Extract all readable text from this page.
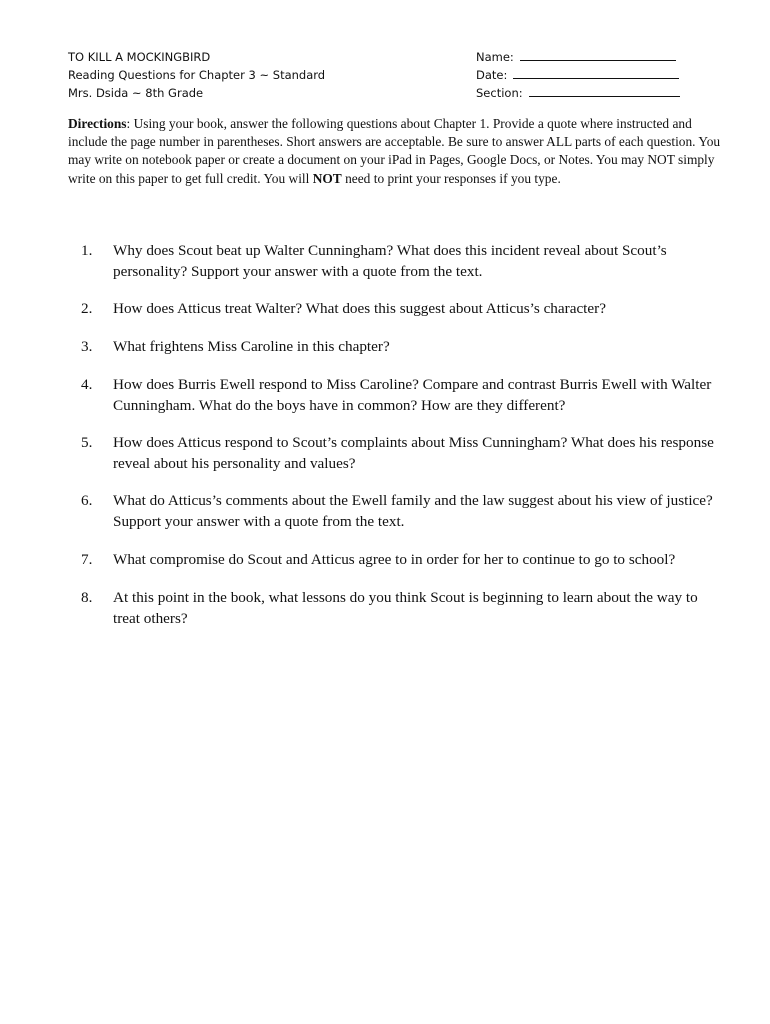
TO KILL A MOCKINGBIRD
Reading Questions for Chapter 3 ~ Standard
Mrs. Dsida ~ 8th Grade
Name:
Date:
Section:
Directions: Using your book, answer the following questions about Chapter 1. Provide a quote where instructed and include the page number in parentheses. Short answers are acceptable. Be sure to answer ALL parts of each question. You may write on notebook paper or create a document on your iPad in Pages, Google Docs, or Notes. You may NOT simply write on this paper to get full credit. You will NOT need to print your responses if you type.
1. Why does Scout beat up Walter Cunningham? What does this incident reveal about Scout’s personality? Support your answer with a quote from the text.
2. How does Atticus treat Walter? What does this suggest about Atticus’s character?
3. What frightens Miss Caroline in this chapter?
4. How does Burris Ewell respond to Miss Caroline? Compare and contrast Burris Ewell with Walter Cunningham. What do the boys have in common? How are they different?
5. How does Atticus respond to Scout’s complaints about Miss Cunningham? What does his response reveal about his personality and values?
6. What do Atticus’s comments about the Ewell family and the law suggest about his view of justice? Support your answer with a quote from the text.
7. What compromise do Scout and Atticus agree to in order for her to continue to go to school?
8. At this point in the book, what lessons do you think Scout is beginning to learn about the way to treat others?
